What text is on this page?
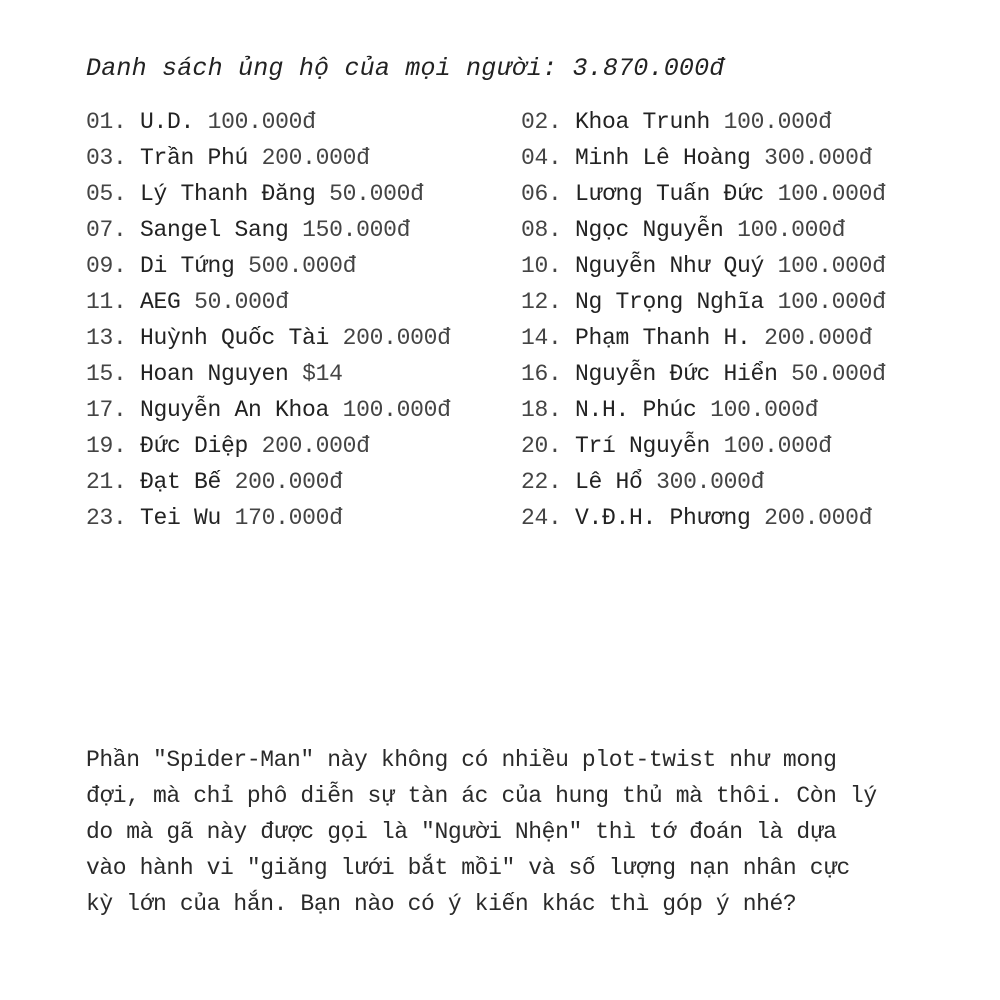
Danh sách ủng hộ của mọi người: 3.870.000đ
01. U.D. 100.000đ	02. Khoa Trunh 100.000đ
03. Trần Phú 200.000đ	04. Minh Lê Hoàng 300.000đ
05. Lý Thanh Đăng 50.000đ	06. Lương Tuấn Đức 100.000đ
07. Sangel Sang 150.000đ	08. Ngọc Nguyễn 100.000đ
09. Di Tứng 500.000đ	10. Nguyễn Như Quý 100.000đ
11. AEG 50.000đ	12. Ng Trọng Nghĩa 100.000đ
13. Huỳnh Quốc Tài 200.000đ	14. Phạm Thanh H. 200.000đ
15. Hoan Nguyen $14	16. Nguyễn Đức Hiển 50.000đ
17. Nguyễn An Khoa 100.000đ	18. N.H. Phúc 100.000đ
19. Đức Diệp 200.000đ	20. Trí Nguyễn 100.000đ
21. Đạt Bế 200.000đ	22. Lê Hổ 300.000đ
23. Tei Wu 170.000đ	24. V.Đ.H. Phương 200.000đ
Phần "Spider-Man" này không có nhiều plot-twist như mong
đợi, mà chỉ phô diễn sự tàn ác của hung thủ mà thôi. Còn lý
do mà gã này được gọi là "Người Nhện" thì tớ đoán là dựa
vào hành vi "giăng lưới bắt mồi" và số lượng nạn nhân cực
kỳ lớn của hắn. Bạn nào có ý kiến khác thì góp ý nhé?
